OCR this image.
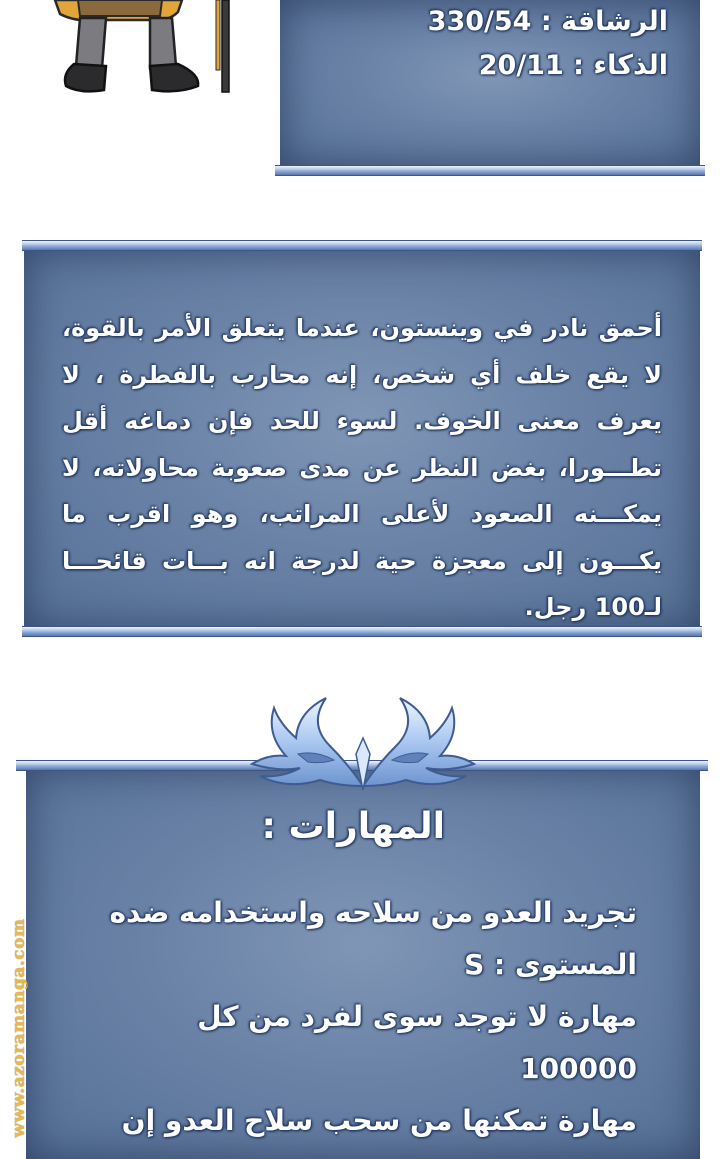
الرشاقة : 330/54
الذكاء : 20/11
أحمق نادر في وينستون، عندما يتعلق الأمر بالقوة، لا يقع خلف أي شخص، إنه محارب بالفطرة ، لا يعرف معنى الخوف. لسوء للحد فإن دماغه أقل تطـــورا، بغض النظر عن مدى صعوبة محاولاته، لا يمكـــنه الصعود لأعلى المراتب، وهو اقرب ما يكـــون إلى معجزة حية لدرجة انه بـــات قائحـــا لـ100 رجل.
المهارات :
تجريد العدو من سلاحه واستخدامه ضده
المستوى : S
مهارة لا توجد سوى لفرد من كل
100000
مهارة تمكنها من سحب سلاح العدو إن
www.azoramanga.com
